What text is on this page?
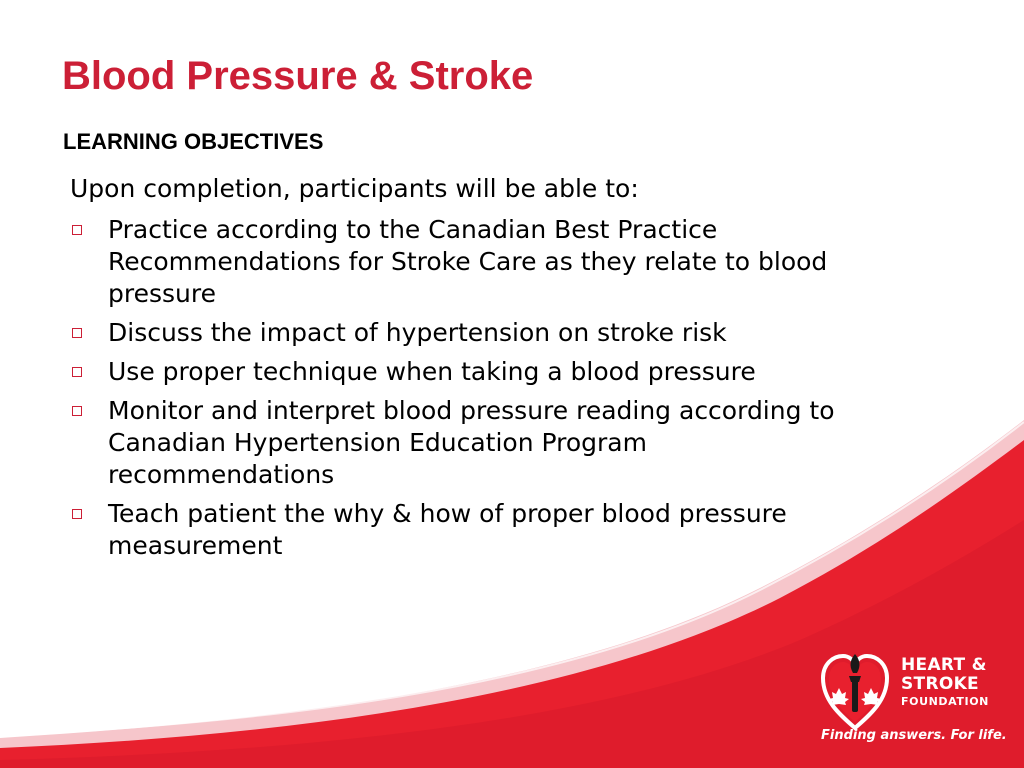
Blood Pressure & Stroke
LEARNING OBJECTIVES

Upon completion, participants will be able to:

Practice according to the Canadian Best Practice Recommendations for Stroke Care as they relate to blood pressure
Discuss the impact of hypertension on stroke risk
Use proper technique when taking a blood pressure
Monitor and interpret blood pressure reading according to Canadian Hypertension Education Program recommendations
Teach patient the why & how of proper blood pressure measurement
HEART &
STROKE
FOUNDATION
Finding answers. For life.
